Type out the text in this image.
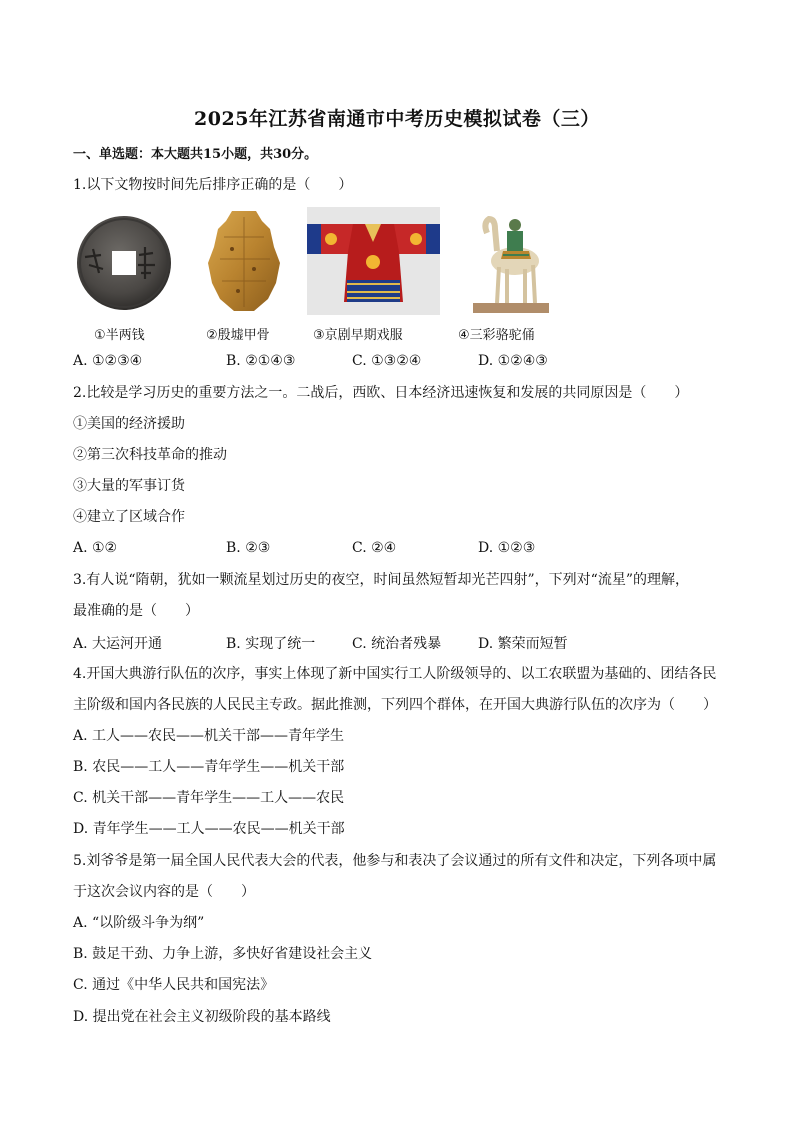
2025年江苏省南通市中考历史模拟试卷（三）
一、单选题：本大题共15小题，共30分。
1.以下文物按时间先后排序正确的是（　　）
①半两钱	②殷墟甲骨	③京剧早期戏服	④三彩骆驼俑
A. ①②③④	B. ②①④③	C. ①③②④	D. ①②④③
2.比较是学习历史的重要方法之一。二战后，西欧、日本经济迅速恢复和发展的共同原因是（　　）
①美国的经济援助
②第三次科技革命的推动
③大量的军事订货
④建立了区域合作
A. ①②	B. ②③	C. ②④	D. ①②③
3.有人说“隋朝，犹如一颗流星划过历史的夜空，时间虽然短暂却光芒四射”，下列对“流星”的理解，
最准确的是（　　）
A. 大运河开通	B. 实现了统一	C. 统治者残暴	D. 繁荣而短暂
4.开国大典游行队伍的次序，事实上体现了新中国实行工人阶级领导的、以工农联盟为基础的、团结各民
主阶级和国内各民族的人民民主专政。据此推测，下列四个群体，在开国大典游行队伍的次序为（　　）
A. 工人——农民——机关干部——青年学生
B. 农民——工人——青年学生——机关干部
C. 机关干部——青年学生——工人——农民
D. 青年学生——工人——农民——机关干部
5.刘爷爷是第一届全国人民代表大会的代表，他参与和表决了会议通过的所有文件和决定，下列各项中属
于这次会议内容的是（　　）
A. “以阶级斗争为纲”
B. 鼓足干劲、力争上游，多快好省建设社会主义
C. 通过《中华人民共和国宪法》
D. 提出党在社会主义初级阶段的基本路线
